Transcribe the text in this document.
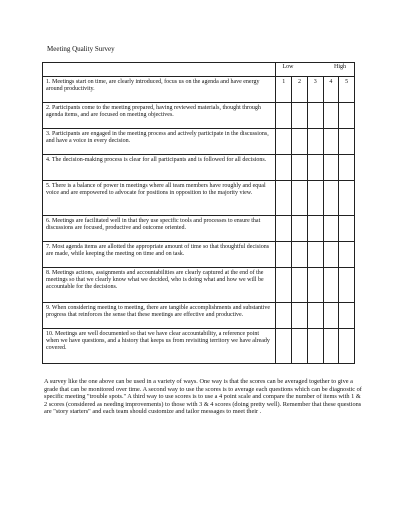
Meeting Quality Survey

	Low High				

1. Meetings start on time, are clearly introduced, focus us on the agenda and have energy around productivity.	1	2	3	4	5

2. Participants come to the meeting prepared, having reviewed materials, thought through agenda items, and are focused on meeting objectives.					

3. Participants are engaged in the meeting process and actively participate in the discussions, and have a voice in every decision.					

4. The decision-making process is clear for all participants and is followed for all decisions.					

5. There is a balance of power in meetings where all team members have roughly and equal voice and are empowered to advocate for positions in opposition to the majority view.					

6. Meetings are facilitated well in that they use specific tools and processes to ensure that discussions are focused, productive and outcome oriented.					

7. Most agenda items are allotted the appropriate amount of time so that thoughtful decisions are made, while keeping the meeting on time and on task.					

8. Meetings actions, assignments and accountabilities are clearly captured at the end of the meetings so that we clearly know what we decided, who is doing what and how we will be accountable for the decisions.					

9. When considering meeting to meeting, there are tangible accomplishments and substantive progress that reinforces the sense that these meetings are effective and productive.					

10. Meetings are well documented so that we have clear accountability, a reference point when we have questions, and a history that keeps us from revisiting territory we have already covered.					

A survey like the one above can be used in a variety of ways. One way is that the scores can be averaged together to give a grade that can be monitored over time. A second way to use the scores is to average each questions which can be diagnostic of specific meeting "trouble spots." A third way to use scores is to use a 4 point scale and compare the number of items with 1 & 2 scores (considered as needing improvements) to those with 3 & 4 scores (doing pretty well). Remember that these questions are "story starters" and each team should customize and tailor messages to meet their .
